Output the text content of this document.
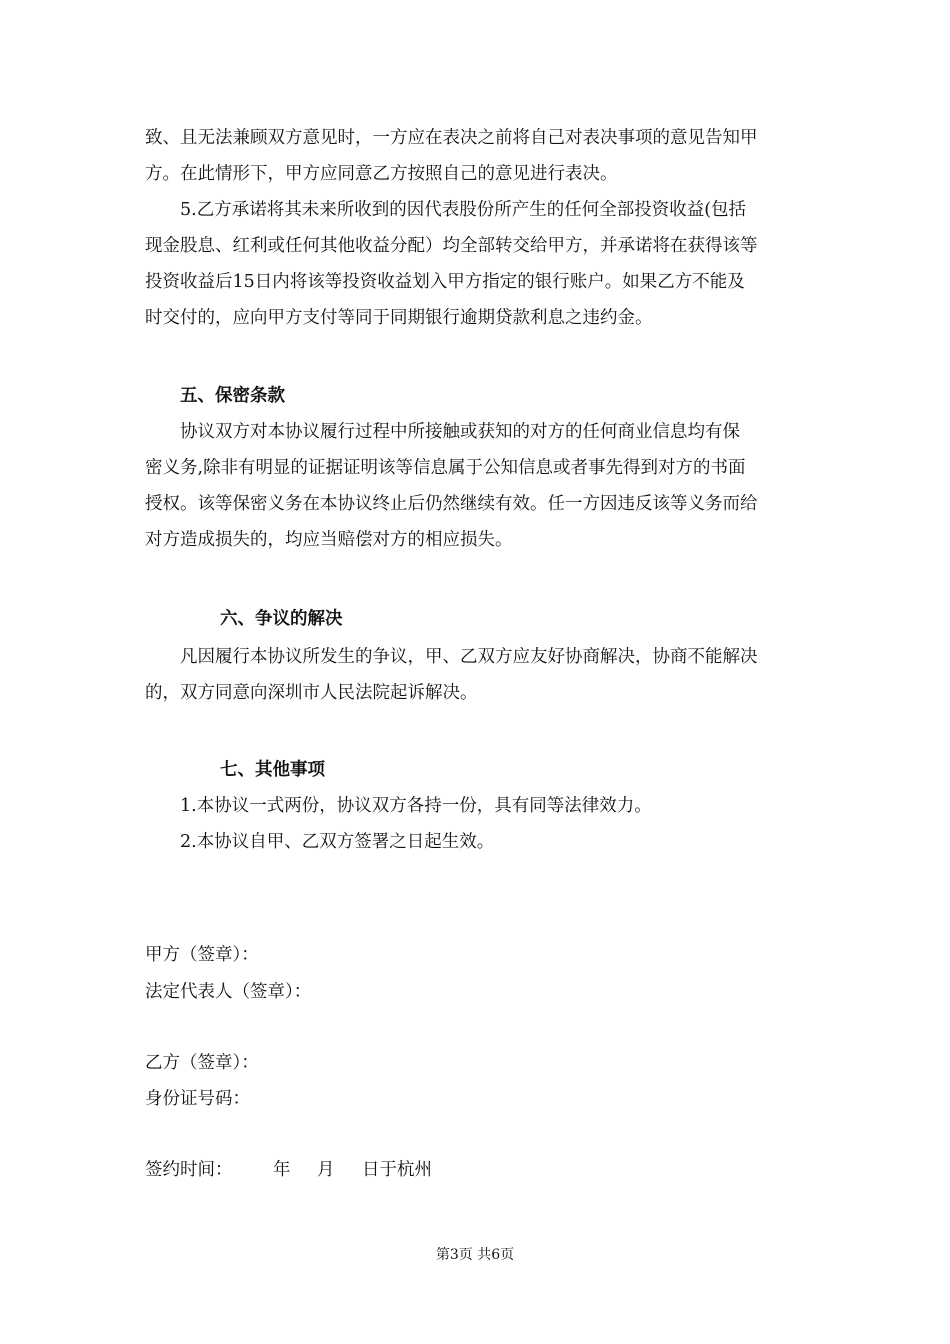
致、且无法兼顾双方意见时，一方应在表决之前将自己对表决事项的意见告知甲
方。在此情形下，甲方应同意乙方按照自己的意见进行表决。
5.乙方承诺将其未来所收到的因代表股份所产生的任何全部投资收益(包括
现金股息、红利或任何其他收益分配）均全部转交给甲方，并承诺将在获得该等
投资收益后15日内将该等投资收益划入甲方指定的银行账户。如果乙方不能及
时交付的，应向甲方支付等同于同期银行逾期贷款利息之违约金。
五、保密条款
协议双方对本协议履行过程中所接触或获知的对方的任何商业信息均有保
密义务,除非有明显的证据证明该等信息属于公知信息或者事先得到对方的书面
授权。该等保密义务在本协议终止后仍然继续有效。任一方因违反该等义务而给
对方造成损失的，均应当赔偿对方的相应损失。
六、争议的解决
凡因履行本协议所发生的争议，甲、乙双方应友好协商解决，协商不能解决
的，双方同意向深圳市人民法院起诉解决。
七、其他事项
1.本协议一式两份，协议双方各持一份，具有同等法律效力。
2.本协议自甲、乙双方签署之日起生效。
甲方（签章）：
法定代表人（签章）：
乙方（签章）：
身份证号码：
签约时间： 年 月 日于杭州
第3页 共6页
